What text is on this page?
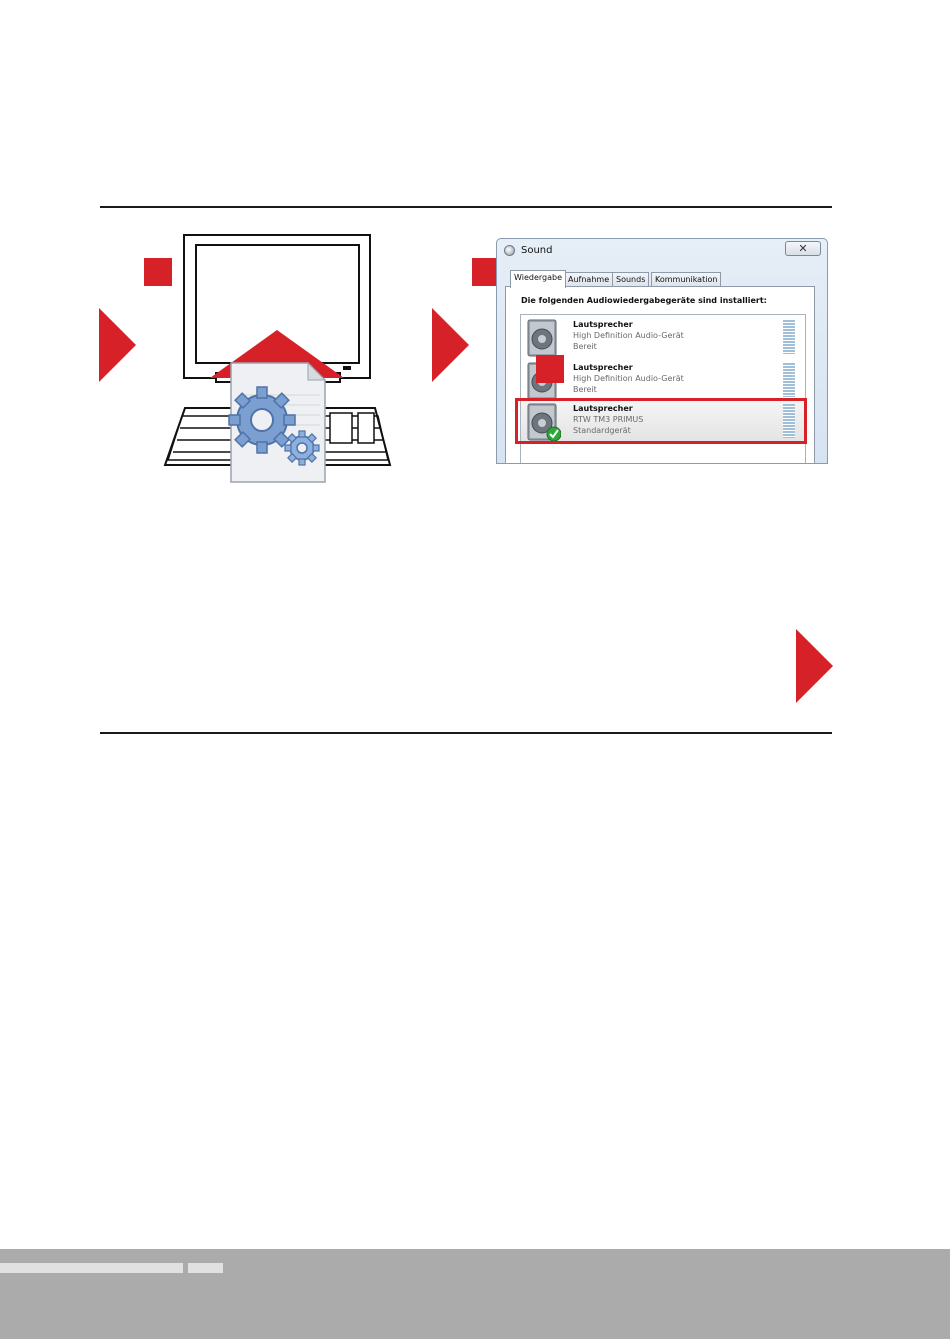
Sound	✕
Wiedergabe Aufnahme Sounds	Kommunikation
Die folgenden Audiowiedergabegeräte sind installiert:
Lautsprecher
High Definition Audio-Gerät
Bereit
Lautsprecher
High Definition Audio-Gerät
Bereit
Lautsprecher
RTW TM3 PRIMUS
Standardgerät
